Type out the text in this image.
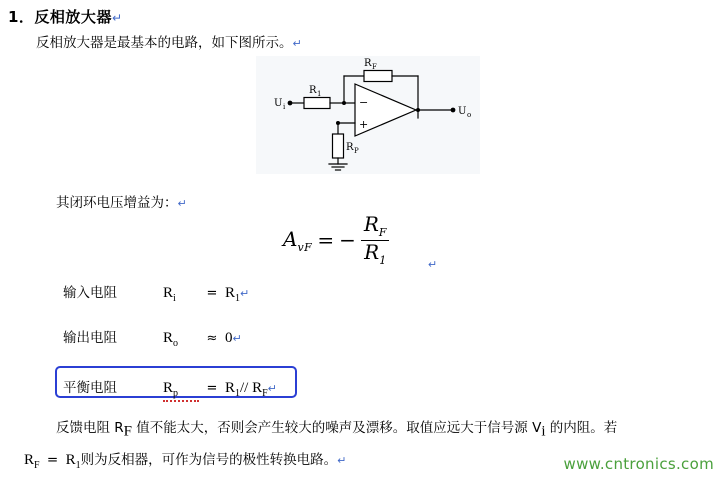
1．反相放大器↵
反相放大器是最基本的电路，如下图所示。↵
R F
R 1
U i	U o
R P
−
+
其闭环电压增益为：↵
$A_{vF}$ = − $\frac{R_F}{R_1}$	↵
输入电阻	$R_i$	= $R_1$ ↵
输出电阻	$R_o$	≈ 0 ↵
平衡电阻	$R_p$	= $R_1//$ $R_F$ ↵
反馈电阻 $R_F$ 值不能太大，否则会产生较大的噪声及漂移。取值应远大于信号源 $V_i$ 的内阻。若
$R_F = R_1$ 则为反相器，可作为信号的极性转换电路。 ↵	www.cntronics.com
